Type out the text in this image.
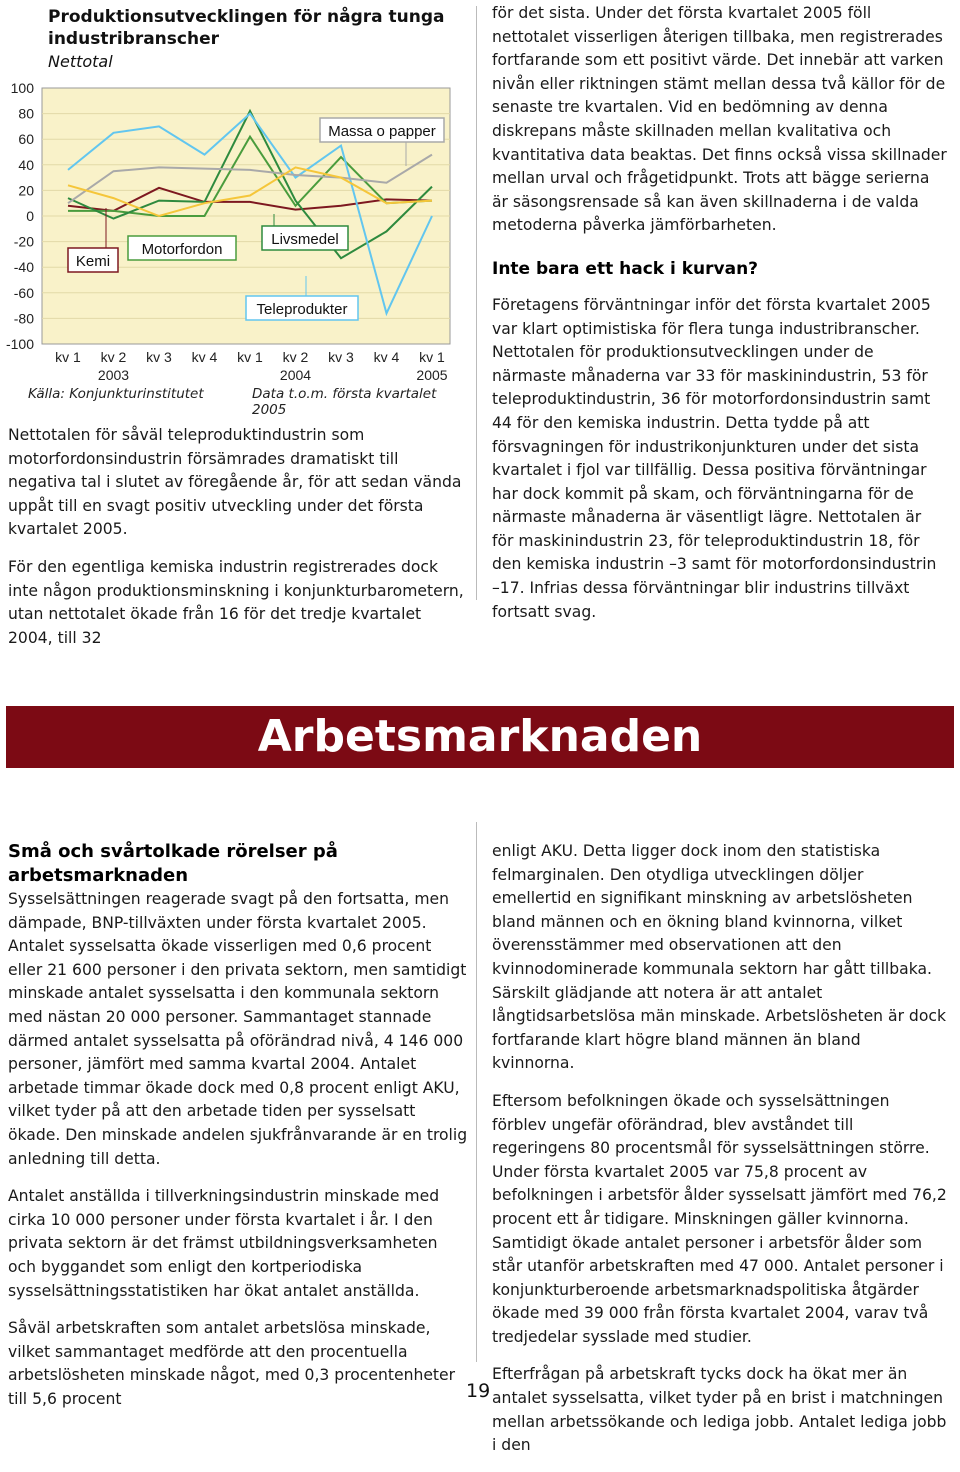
100
80
60
40
20
0
-20
-40
-60
-80
-100
kv 1 kv 2 kv 3 kv 4 kv 1 kv 2 kv 3 kv 4 kv 1
2003	2004	2005
Kemi
Motorfordon
Livsmedel
Teleprodukter
Massa o papper
Produktionsutvecklingen för några tunga industribranscher
Nettotal
Källa: Konjunkturinstitutet	Data t.o.m. första kvartalet 2005

Nettotalen för såväl teleproduktindustrin som motorfordonsindustrin försämrades dramatiskt till negativa tal i slutet av föregående år, för att sedan vända uppåt till en svagt positiv utveckling under det första kvartalet 2005.

För den egentliga kemiska industrin registrerades dock inte någon produktionsminskning i konjunkturbarometern, utan nettotalet ökade från 16 för det tredje kvartalet 2004, till 32

för det sista. Under det första kvartalet 2005 föll nettotalet visserligen återigen tillbaka, men registrerades fortfarande som ett positivt värde. Det innebär att varken nivån eller riktningen stämt mellan dessa två källor för de senaste tre kvartalen. Vid en bedömning av denna diskrepans måste skillnaden mellan kvalitativa och kvantitativa data beaktas. Det finns också vissa skillnader mellan urval och frågetidpunkt. Trots att bägge serierna är säsongsrensade så kan även skillnaderna i de valda metoderna påverka jämförbarheten.

Inte bara ett hack i kurvan?

Företagens förväntningar inför det första kvartalet 2005 var klart optimistiska för flera tunga industribranscher. Nettotalen för produktionsutvecklingen under de närmaste månaderna var 33 för maskinindustrin, 53 för teleproduktindustrin, 36 för motorfordonsindustrin samt 44 för den kemiska industrin. Detta tydde på att försvagningen för industrikonjunkturen under det sista kvartalet i fjol var tillfällig. Dessa positiva förväntningar har dock kommit på skam, och förväntningarna för de närmaste månaderna är väsentligt lägre. Nettotalen är för maskinindustrin 23, för teleproduktindustrin 18, för den kemiska industrin –3 samt för motorfordonsindustrin –17. Infrias dessa förväntningar blir industrins tillväxt fortsatt svag.

Arbetsmarknaden

Små och svårtolkade rörelser på arbetsmarknaden

Sysselsättningen reagerade svagt på den fortsatta, men dämpade, BNP-tillväxten under första kvartalet 2005. Antalet sysselsatta ökade visserligen med 0,6 procent eller 21 600 personer i den privata sektorn, men samtidigt minskade antalet sysselsatta i den kommunala sektorn med nästan 20 000 personer. Sammantaget stannade därmed antalet sysselsatta på oförändrad nivå, 4 146 000 personer, jämfört med samma kvartal 2004. Antalet arbetade timmar ökade dock med 0,8 procent enligt AKU, vilket tyder på att den arbetade tiden per sysselsatt ökade. Den minskade andelen sjukfrånvarande är en trolig anledning till detta.

Antalet anställda i tillverkningsindustrin minskade med cirka 10 000 personer under första kvartalet i år. I den privata sektorn är det främst utbildningsverksamheten och byggandet som enligt den kortperiodiska sysselsättningsstatistiken har ökat antalet anställda.

Såväl arbetskraften som antalet arbetslösa minskade, vilket sammantaget medförde att den procentuella arbetslösheten minskade något, med 0,3 procentenheter till 5,6 procent

enligt AKU. Detta ligger dock inom den statistiska felmarginalen. Den otydliga utvecklingen döljer emellertid en signifikant minskning av arbetslösheten bland männen och en ökning bland kvinnorna, vilket överensstämmer med observationen att den kvinnodominerade kommunala sektorn har gått tillbaka. Särskilt glädjande att notera är att antalet långtidsarbetslösa män minskade. Arbetslösheten är dock fortfarande klart högre bland männen än bland kvinnorna.

Eftersom befolkningen ökade och sysselsättningen förblev ungefär oförändrad, blev avståndet till regeringens 80 procentsmål för sysselsättningen större. Under första kvartalet 2005 var 75,8 procent av befolkningen i arbetsför ålder sysselsatt jämfört med 76,2 procent ett år tidigare. Minskningen gäller kvinnorna. Samtidigt ökade antalet personer i arbetsför ålder som står utanför arbetskraften med 47 000. Antalet personer i konjunkturberoende arbetsmarknadspolitiska åtgärder ökade med 39 000 från första kvartalet 2004, varav två tredjedelar sysslade med studier.

Efterfrågan på arbetskraft tycks dock ha ökat mer än antalet sysselsatta, vilket tyder på en brist i matchningen mellan arbetssökande och lediga jobb. Antalet lediga jobb i den

19
